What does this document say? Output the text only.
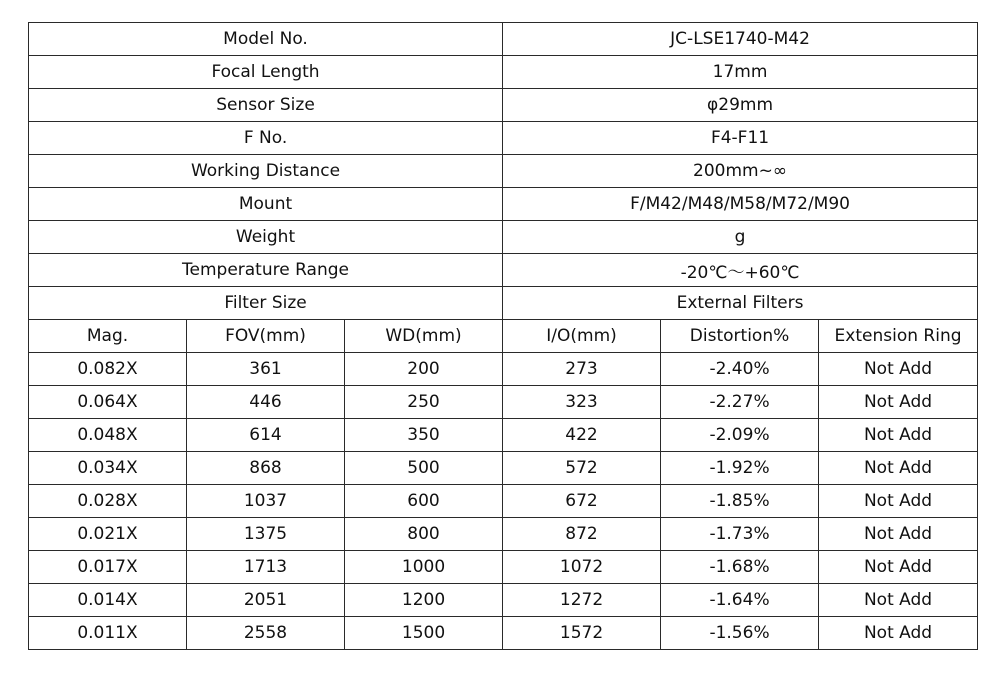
Model No.			JC-LSE1740-M42		
Focal Length			17mm		
Sensor Size			φ29mm		
F No.			F4-F11		
Working Distance			200mm~∞		
Mount			F/M42/M48/M58/M72/M90		
Weight			g		
Temperature Range			-20℃～+60℃		
Filter Size			External Filters		
Mag.	FOV(mm)	WD(mm)	I/O(mm)	Distortion%	Extension Ring
0.082X	361	200	273	-2.40%	Not Add
0.064X	446	250	323	-2.27%	Not Add
0.048X	614	350	422	-2.09%	Not Add
0.034X	868	500	572	-1.92%	Not Add
0.028X	1037	600	672	-1.85%	Not Add
0.021X	1375	800	872	-1.73%	Not Add
0.017X	1713	1000	1072	-1.68%	Not Add
0.014X	2051	1200	1272	-1.64%	Not Add
0.011X	2558	1500	1572	-1.56%	Not Add
